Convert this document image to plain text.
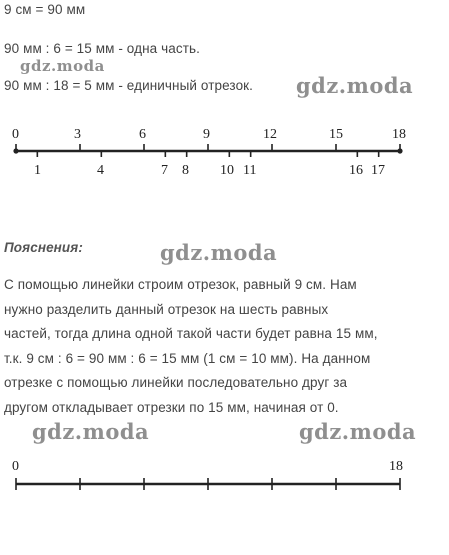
9 см = 90 мм
90 мм : 6 = 15 мм - одна часть.
90 мм : 18 = 5 мм - единичный отрезок.
gdz.moda
gdz.moda
gdz.moda
gdz.moda	gdz.moda
0	3	6	9	12	15	18
1	4	7 8 10 11	16 17
Пояснения:
С помощью линейки строим отрезок, равный 9 см. Нам
нужно разделить данный отрезок на шесть равных
частей, тогда длина одной такой части будет равна 15 мм,
т.к. 9 см : 6 = 90 мм : 6 = 15 мм (1 см = 10 мм). На данном
отрезке с помощью линейки последовательно друг за
другом откладывает отрезки по 15 мм, начиная от 0.
0	18
